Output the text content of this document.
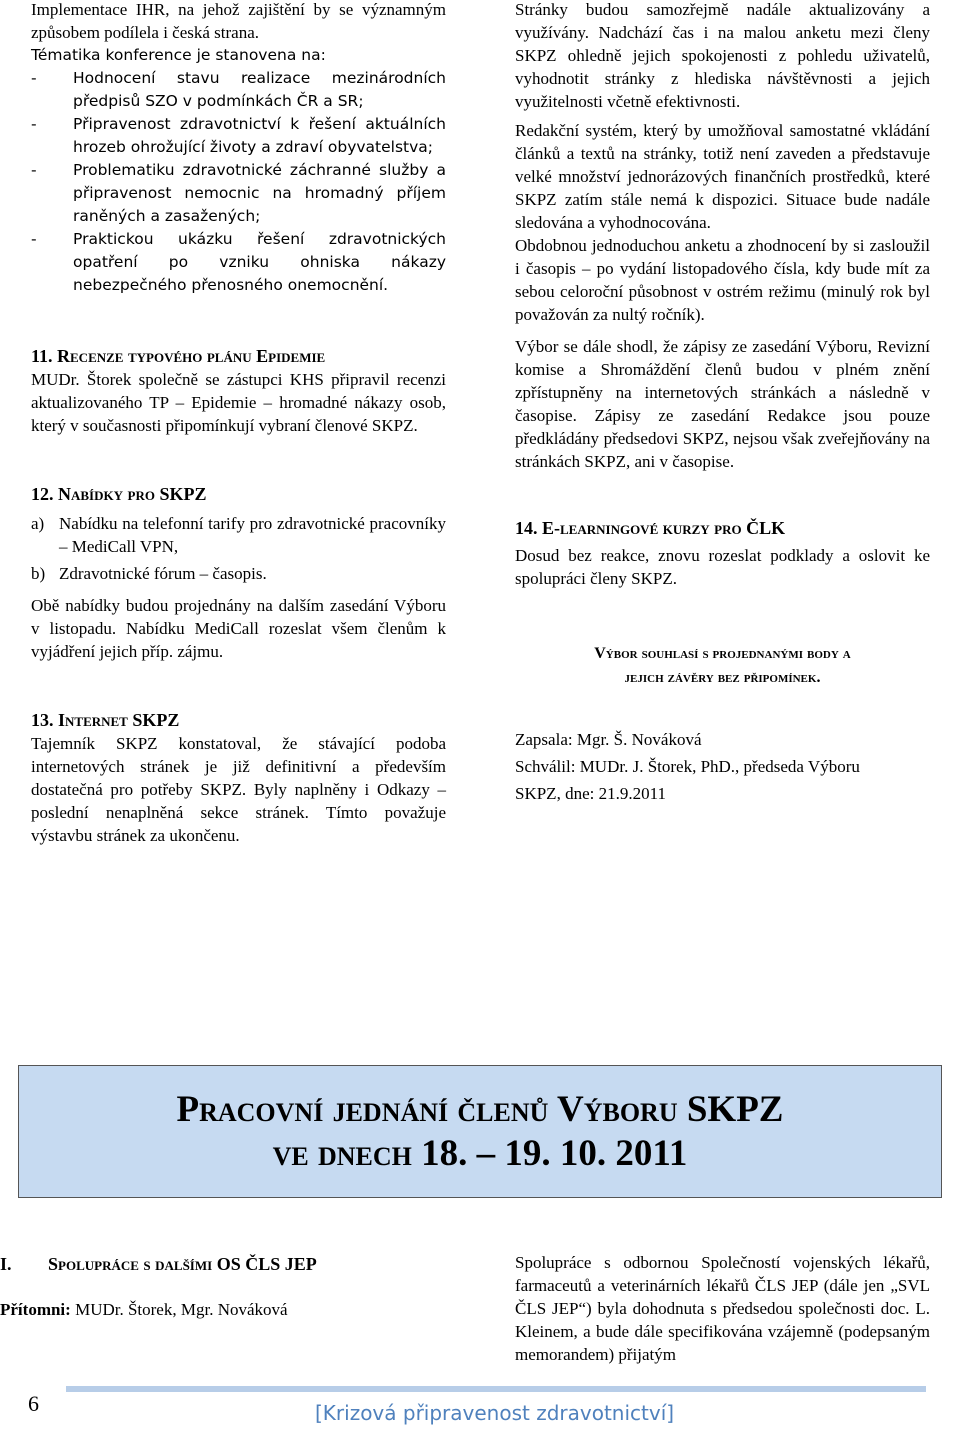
Implementace IHR, na jehož zajištění by se významným způsobem podílela i česká strana.

Tématika konference je stanovena na:

-	Hodnocení stavu realizace mezinárodních předpisů SZO v podmínkách ČR a SR;
-	Připravenost zdravotnictví k řešení aktuálních hrozeb ohrožující životy a zdraví obyvatelstva;
-	Problematiku zdravotnické záchranné služby a připravenost nemocnic na hromadný příjem raněných a zasažených;
-	Praktickou ukázku řešení zdravotnických opatření po vzniku ohniska nákazy nebezpečného přenosného onemocnění.
11. Recenze typového plánu Epidemie

MUDr. Štorek společně se zástupci KHS připravil recenzi aktualizovaného TP – Epidemie – hromadné nákazy osob, který v současnosti připomínkují vybraní členové SKPZ.

12. Nabídky pro SKPZ
a) Nabídku na telefonní tarify pro zdravotnické pracovníky – MediCall VPN,
b) Zdravotnické fórum – časopis.

Obě nabídky budou projednány na dalším zasedání Výboru v listopadu. Nabídku MediCall rozeslat všem členům k vyjádření jejich příp. zájmu.

13. Internet SKPZ

Tajemník SKPZ konstatoval, že stávající podoba internetových stránek je již definitivní a především dostatečná pro potřeby SKPZ. Byly naplněny i Odkazy – poslední nenaplněná sekce stránek. Tímto považuje výstavbu stránek za ukončenu.

Stránky budou samozřejmě nadále aktualizovány a využívány. Nadchází čas i na malou anketu mezi členy SKPZ ohledně jejich spokojenosti z pohledu uživatelů, vyhodnotit stránky z hlediska návštěvnosti a jejich využitelnosti včetně efektivnosti.

Redakční systém, který by umožňoval samostatné vkládání článků a textů na stránky, totiž není zaveden a představuje velké množství jednorázových finančních prostředků, které SKPZ zatím stále nemá k dispozici. Situace bude nadále sledována a vyhodnocována.

Obdobnou jednoduchou anketu a zhodnocení by si zasloužil i časopis – po vydání listopadového čísla, kdy bude mít za sebou celoroční působnost v ostrém režimu (minulý rok byl považován za nultý ročník).

Výbor se dále shodl, že zápisy ze zasedání Výboru, Revizní komise a Shromáždění členů budou v plném znění zpřístupněny na internetových stránkách a následně v časopise. Zápisy ze zasedání Redakce jsou pouze předkládány předsedovi SKPZ, nejsou však zveřejňovány na stránkách SKPZ, ani v časopise.

14. E-learningové kurzy pro ČLK

Dosud bez reakce, znovu rozeslat podklady a oslovit ke spolupráci členy SKPZ.

Výbor souhlasí s projednanými body a
jejich závěry bez připomínek.
Zapsala: Mgr. Š. Nováková
Schválil: MUDr. J. Štorek, PhD., předseda Výboru
SKPZ, dne: 21.9.2011
Pracovní jednání členů Výboru SKPZ
ve dnech 18. – 19. 10. 2011
I.	Spolupráce s dalšími OS ČLS JEP
Přítomni: MUDr. Štorek, Mgr. Nováková

Spolupráce s odbornou Společností vojenských lékařů, farmaceutů a veterinárních lékařů ČLS JEP (dále jen „SVL ČLS JEP“) byla dohodnuta s předsedou společnosti doc. L. Kleinem, a bude dále specifikována vzájemně (podepsaným memorandem) přijatým

6	[Krizová připravenost zdravotnictví]
